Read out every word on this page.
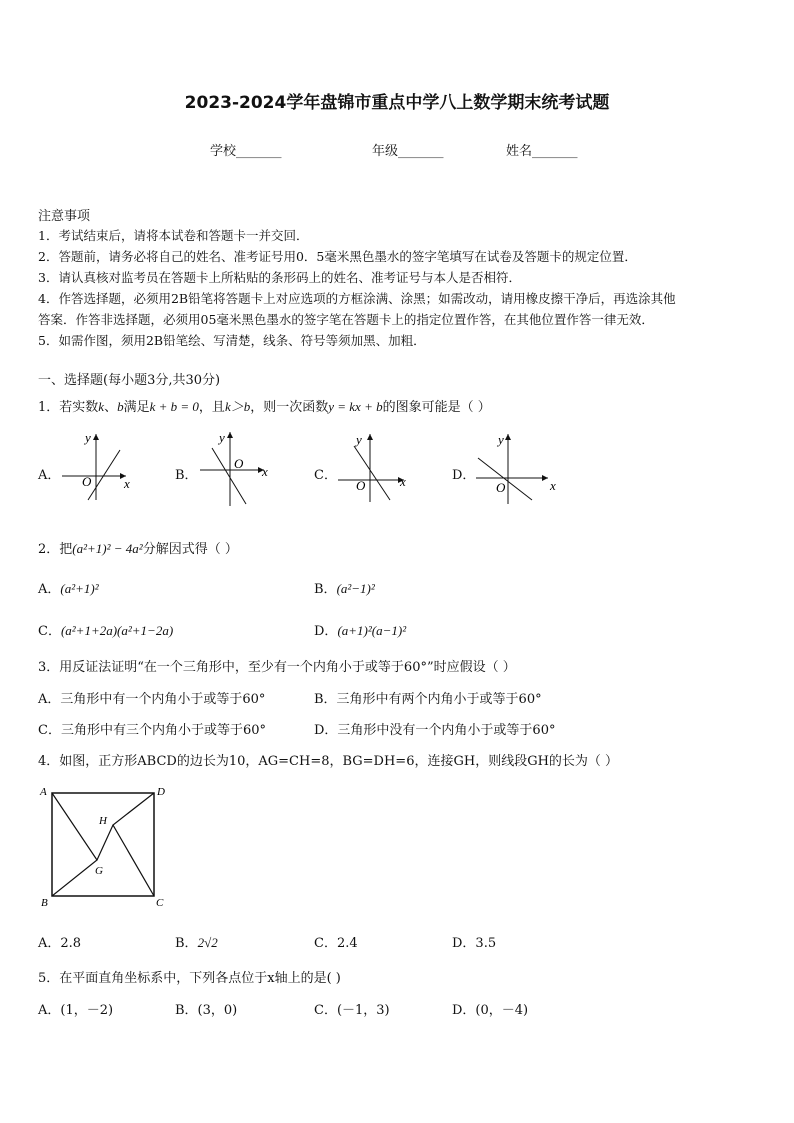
2023-2024学年盘锦市重点中学八上数学期末统考试题
学校_______	年级_______	姓名_______
注意事项
1．考试结束后，请将本试卷和答题卡一并交回．
2．答题前，请务必将自己的姓名、准考证号用0．5毫米黑色墨水的签字笔填写在试卷及答题卡的规定位置．
3．请认真核对监考员在答题卡上所粘贴的条形码上的姓名、准考证号与本人是否相符．
4．作答选择题，必须用2B铅笔将答题卡上对应选项的方框涂满、涂黑；如需改动，请用橡皮擦干净后，再选涂其他
答案．作答非选择题，必须用05毫米黑色墨水的签字笔在答题卡上的指定位置作答，在其他位置作答一律无效．
5．如需作图，须用2B铅笔绘、写清楚，线条、符号等须加黑、加粗．
一、选择题(每小题3分,共30分)
1．若实数k、b满足k + b = 0，且k＞b，则一次函数y = kx + b的图象可能是（ ）
A．
y
x
O	B．
y
x
O
C．
y
x
O
D．
y
x
O
2．把(a²+1)² − 4a²分解因式得（ ）
A．(a²+1)²	B．(a²−1)²
C．(a²+1+2a)(a²+1−2a)	D．(a+1)²(a−1)²
3．用反证法证明“在一个三角形中，至少有一个内角小于或等于60°”时应假设（ ）
A．三角形中有一个内角小于或等于60°	B．三角形中有两个内角小于或等于60°
C．三角形中有三个内角小于或等于60°	D．三角形中没有一个内角小于或等于60°
4．如图，正方形ABCD的边长为10，AG=CH=8，BG=DH=6，连接GH，则线段GH的长为（ ）
A	D
B	C
G
H
A．2.8	B．2√2	C．2.4	D．3.5
5．在平面直角坐标系中，下列各点位于x轴上的是( )
A．(1，－2)	B．(3，0)	C．(－1，3)	D．(0，－4)
